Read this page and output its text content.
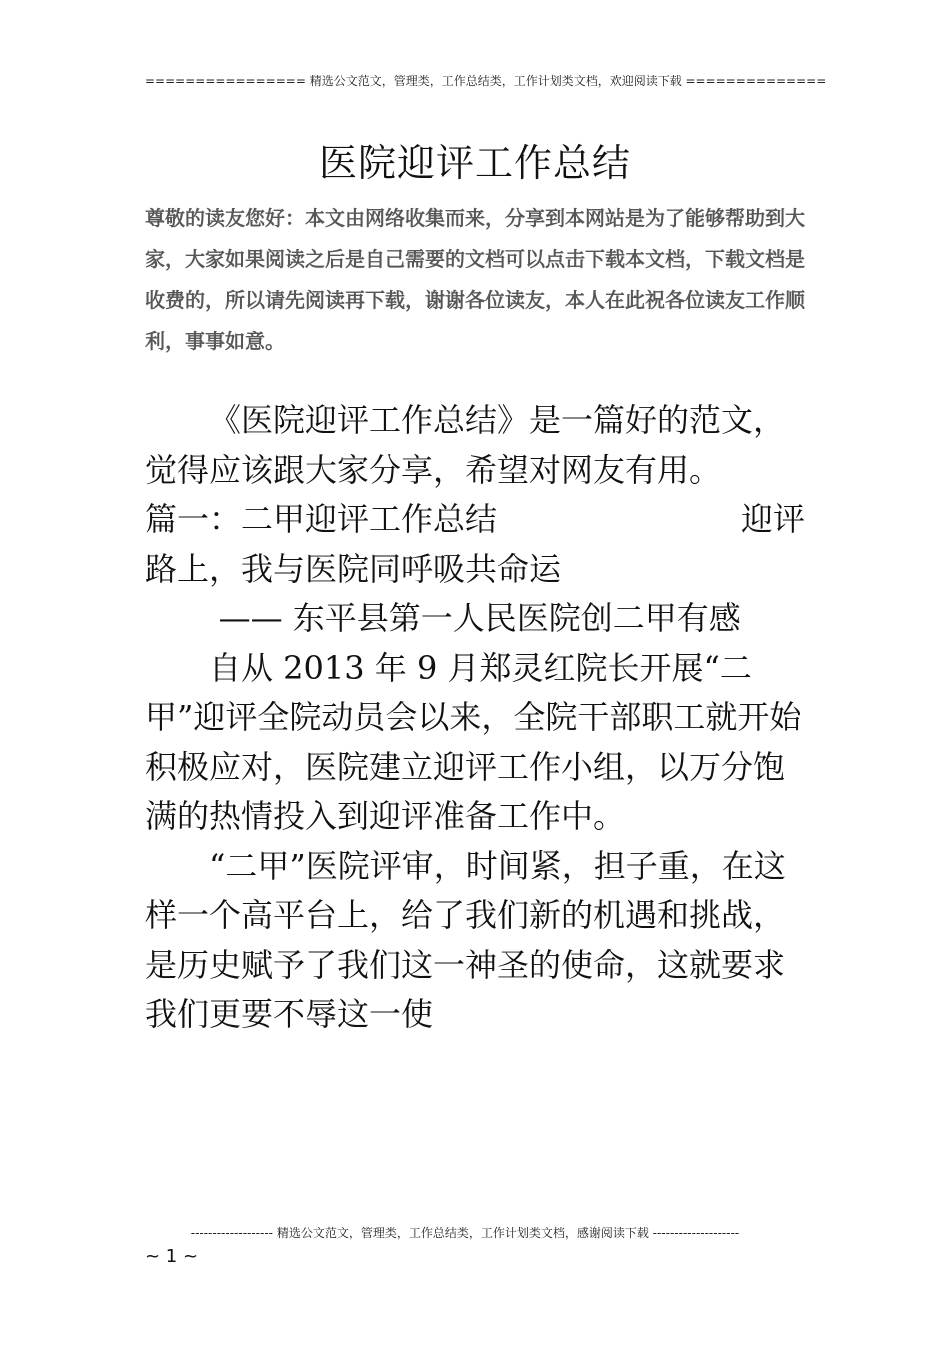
================ 精选公文范文，管理类，工作总结类，工作计划类文档，欢迎阅读下载 ==============
医院迎评工作总结
尊敬的读友您好：本文由网络收集而来，分享到本网站是为了能够帮助到大家，大家如果阅读之后是自己需要的文档可以点击下载本文档，下载文档是收费的，所以请先阅读再下载，谢谢各位读友，本人在此祝各位读友工作顺利，事事如意。

《医院迎评工作总结》是一篇好的范文，觉得应该跟大家分享，希望对网友有用。

篇一：二甲迎评工作总结	迎评

路上，我与医院同呼吸共命运

—— 东平县第一人民医院创二甲有感

自从 2013 年 9 月郑灵红院长开展“二甲”迎评全院动员会以来，全院干部职工就开始积极应对，医院建立迎评工作小组，以万分饱满的热情投入到迎评准备工作中。

“二甲”医院评审，时间紧，担子重，在这样一个高平台上，给了我们新的机遇和挑战，是历史赋予了我们这一神圣的使命，这就要求我们更要不辱这一使

------------------- 精选公文范文，管理类，工作总结类，工作计划类文档，感谢阅读下载 --------------------
~ 1 ~
